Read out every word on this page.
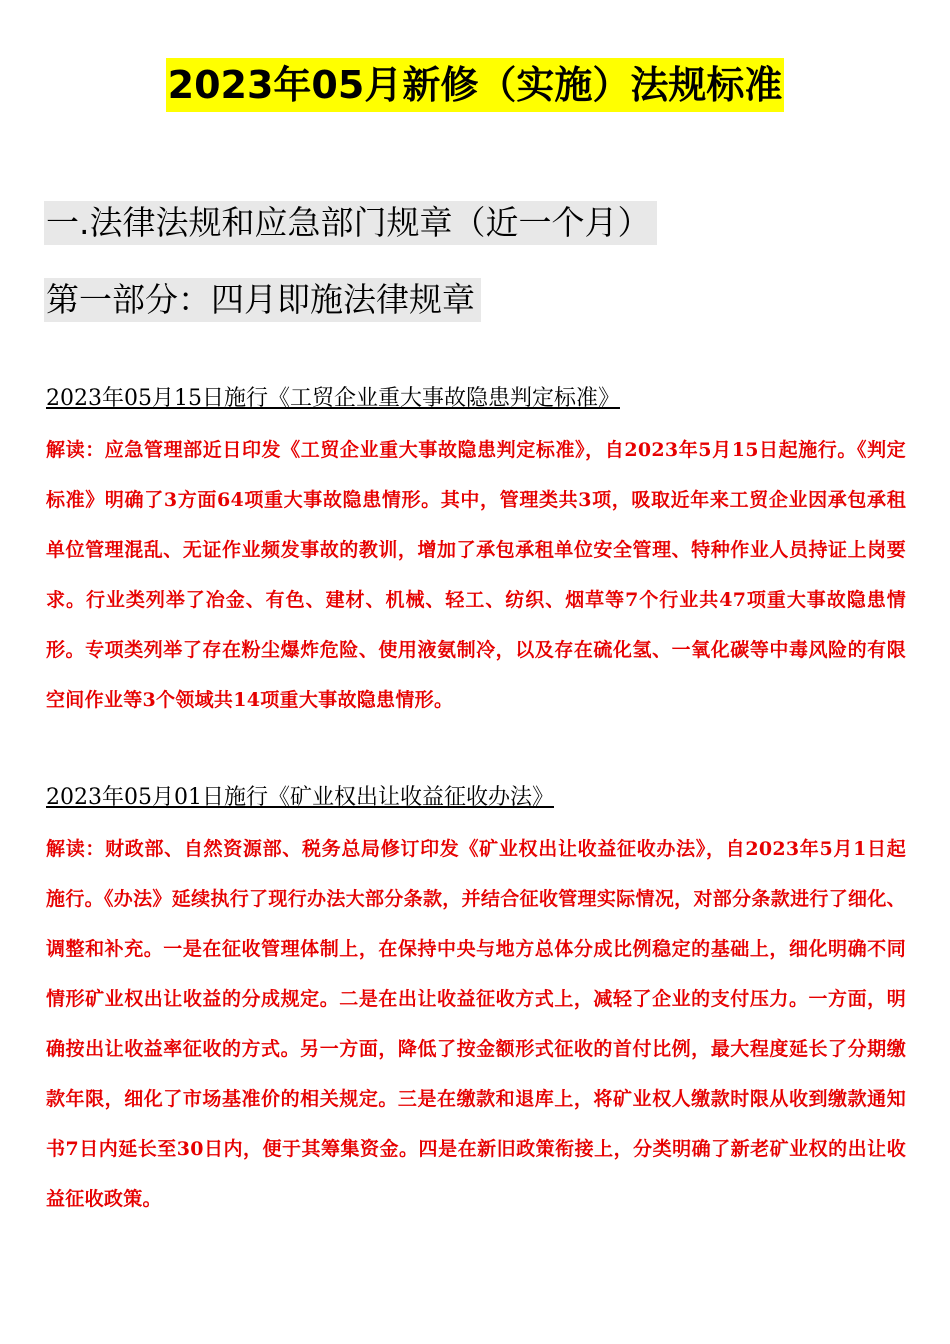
2023年05月新修（实施）法规标准
一.法律法规和应急部门规章（近一个月）
第一部分：四月即施法律规章
2023年05月15日施行《工贸企业重大事故隐患判定标准》
解读：应急管理部近日印发《工贸企业重大事故隐患判定标准》，自2023年5月15日起施行。《判定标准》明确了3方面64项重大事故隐患情形。其中，管理类共3项，吸取近年来工贸企业因承包承租单位管理混乱、无证作业频发事故的教训，增加了承包承租单位安全管理、特种作业人员持证上岗要求。行业类列举了冶金、有色、建材、机械、轻工、纺织、烟草等7个行业共47项重大事故隐患情形。专项类列举了存在粉尘爆炸危险、使用液氨制冷，以及存在硫化氢、一氧化碳等中毒风险的有限空间作业等3个领域共14项重大事故隐患情形。
2023年05月01日施行《矿业权出让收益征收办法》
解读：财政部、自然资源部、税务总局修订印发《矿业权出让收益征收办法》，自2023年5月1日起施行。《办法》延续执行了现行办法大部分条款，并结合征收管理实际情况，对部分条款进行了细化、调整和补充。一是在征收管理体制上，在保持中央与地方总体分成比例稳定的基础上，细化明确不同情形矿业权出让收益的分成规定。二是在出让收益征收方式上，减轻了企业的支付压力。一方面，明确按出让收益率征收的方式。另一方面，降低了按金额形式征收的首付比例，最大程度延长了分期缴款年限，细化了市场基准价的相关规定。三是在缴款和退库上，将矿业权人缴款时限从收到缴款通知书7日内延长至30日内，便于其筹集资金。四是在新旧政策衔接上，分类明确了新老矿业权的出让收益征收政策。
